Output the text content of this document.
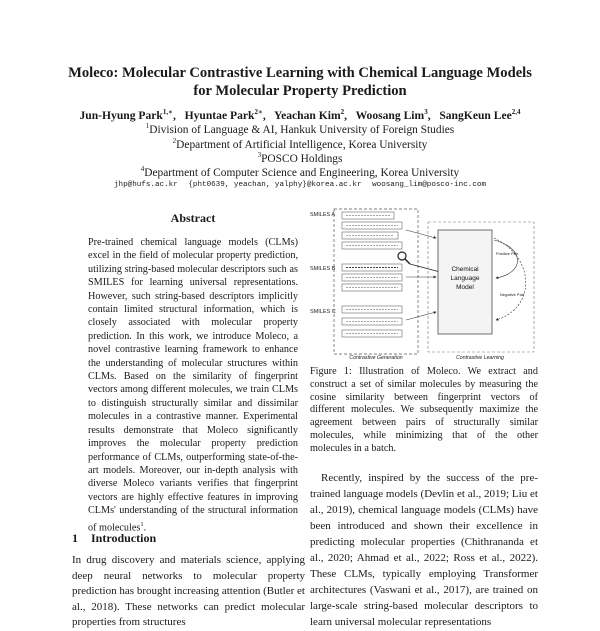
Moleco: Molecular Contrastive Learning with Chemical Language Models
for Molecular Property Prediction
Jun-Hyung Park$^{1,∗}$, Hyuntae Park$^{2∗}$, Yeachan Kim$^2$, Woosang Lim$^3$, SangKeun Lee$^{2,4}$
$^1$Division of Language & AI, Hankuk University of Foreign Studies
$^2$Department of Artificial Intelligence, Korea University
$^3$POSCO Holdings
$^4$Department of Computer Science and Engineering, Korea University
jhp@hufs.ac.kr {pht0639, yeachan, yalphy}@korea.ac.kr woosang_lim@posco-inc.com
Abstract
Pre-trained chemical language models (CLMs) excel in the field of molecular property prediction, utilizing string-based molecular descriptors such as SMILES for learning universal representations. However, such string-based descriptors implicitly contain limited structural information, which is closely associated with molecular property prediction. In this work, we introduce Moleco, a novel contrastive learning framework to enhance the understanding of molecular structures within CLMs. Based on the similarity of fingerprint vectors among different molecules, we train CLMs to distinguish structurally similar and dissimilar molecules in a contrastive manner. Experimental results demonstrate that Moleco significantly improves the molecular property prediction performance of CLMs, outperforming state-of-the-art models. Moreover, our in-depth analysis with diverse Moleco variants verifies that fingerprint vectors are highly effective features in improving CLMs' understanding of the structural information of molecules$^1$.
1 Introduction
In drug discovery and materials science, applying deep neural networks to molecular property prediction has brought increasing attention (Butler et al., 2018). These networks can predict molecular properties from structures
SMILES A
SMILES B
SMILES C
Chemical
Language
Model
Positive Pair
Negative Pair
Contrastive Generation	Contrastive Learning
Figure 1: Illustration of Moleco. We extract and construct a set of similar molecules by measuring the cosine similarity between fingerprint vectors of different molecules. We subsequently maximize the agreement between pairs of structurally similar molecules, while minimizing that of the other molecules in a batch.

Recently, inspired by the success of the pre-trained language models (Devlin et al., 2019; Liu et al., 2019), chemical language models (CLMs) have been introduced and shown their excellence in predicting molecular properties (Chithrananda et al., 2020; Ahmad et al., 2022; Ross et al., 2022). These CLMs, typically employing Transformer architectures (Vaswani et al., 2017), are trained on large-scale string-based molecular descriptors to learn universal molecular representations
